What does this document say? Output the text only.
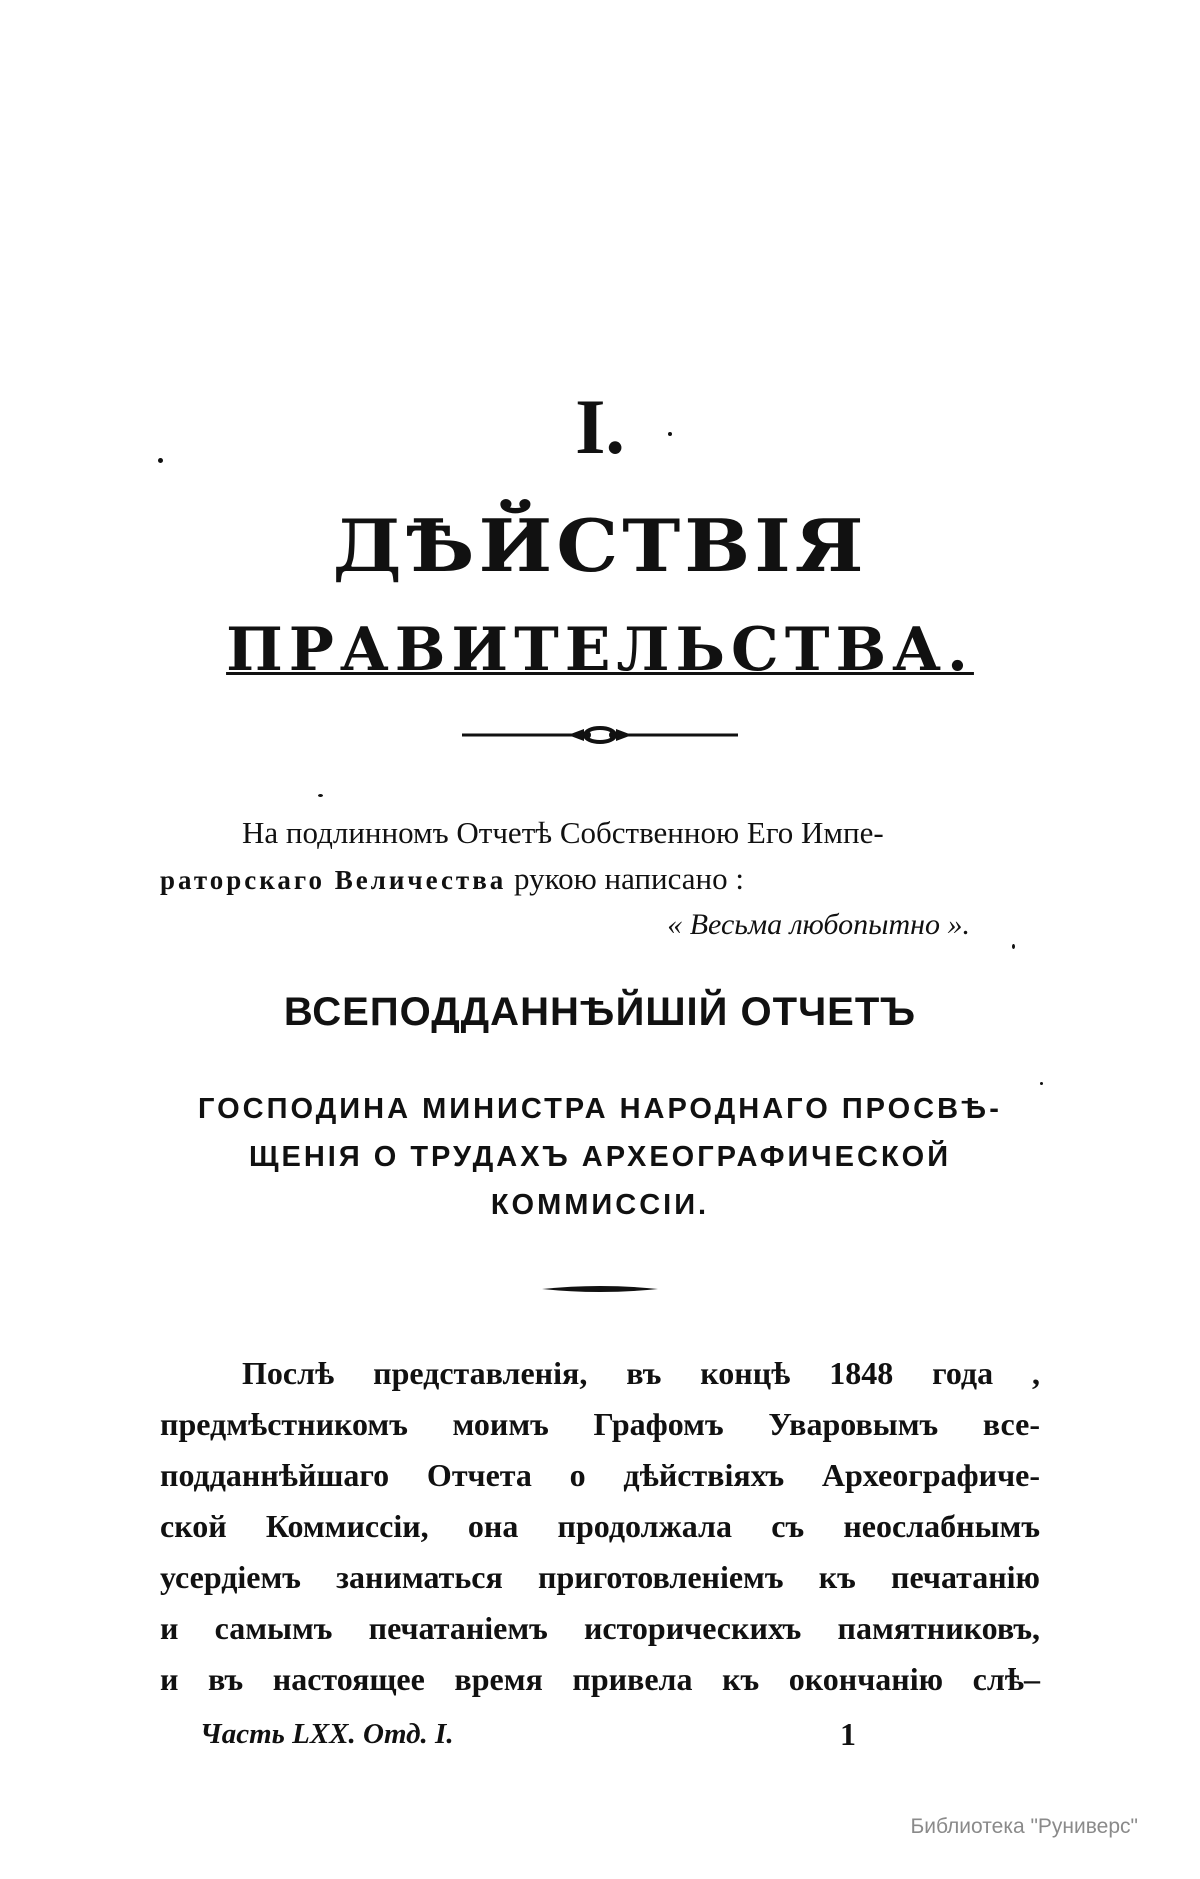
I.
ДѢЙСТВІЯ
ПРАВИТЕЛЬСТВА.
На подлинномъ Отчетѣ Собственною Его Импе-
раторскаго Величества рукою написано :
« Весьма любопытно ».
ВСЕПОДДАННѢЙШІЙ ОТЧЕТЪ
ГОСПОДИНА МИНИСТРА НАРОДНАГО ПРОСВѢ-
ЩЕНІЯ О ТРУДАХЪ АРХЕОГРАФИЧЕСКОЙ
КОММИССІИ.
Послѣ представленія, въ концѣ 1848 года ,
предмѣстникомъ моимъ Графомъ Уваровымъ все-
подданнѣйшаго Отчета о дѣйствіяхъ Археографиче-
ской Коммиссіи, она продолжала съ неослабнымъ
усердіемъ заниматься приготовленіемъ къ печатанію
и самымъ печатаніемъ историческихъ памятниковъ,
и въ настоящее время привела къ окончанію слѣ–
Часть LXX. Отд. I.	1
Библиотека "Руниверс"
